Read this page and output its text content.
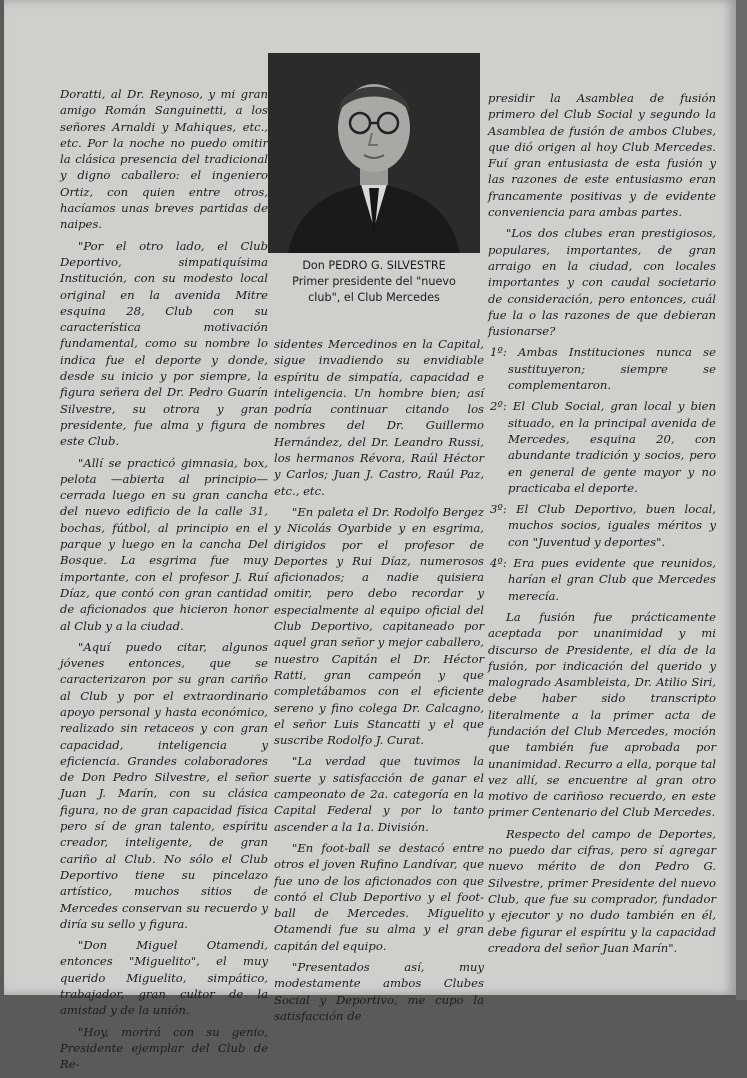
Doratti, al Dr. Reynoso, y mi gran amigo Román Sanguinetti, a los señores Arnaldi y Mahiques, etc., etc. Por la noche no puedo omitir la clásica presencia del tradicional y digno caballero: el ingeniero Ortiz, con quien entre otros, hacíamos unas breves partidas de naipes.

"Por el otro lado, el Club Deportivo, simpatiquísima Institución, con su modesto local original en la avenida Mitre esquina 28, Club con su característica motivación fundamental, como su nombre lo indica fue el deporte y donde, desde su inicio y por siempre, la figura señera del Dr. Pedro Guarín Silvestre, su otrora y gran presidente, fue alma y figura de este Club.

"Allí se practicó gimnasia, box, pelota —abierta al principio— cerrada luego en su gran cancha del nuevo edificio de la calle 31, bochas, fútbol, al principio en el parque y luego en la cancha Del Bosque. La esgrima fue muy importante, con el profesor J. Ruí Díaz, que contó con gran cantidad de aficionados que hicieron honor al Club y a la ciudad.

"Aquí puedo citar, algunos jóvenes entonces, que se caracterizaron por su gran cariño al Club y por el extraordinario apoyo personal y hasta económico, realizado sin retaceos y con gran capacidad, inteligencia y eficiencia. Grandes colaboradores de Don Pedro Silvestre, el señor Juan J. Marín, con su clásica figura, no de gran capacidad física pero sí de gran talento, espíritu creador, inteligente, de gran cariño al Club. No sólo el Club Deportivo tiene su pincelazo artístico, muchos sitios de Mercedes conservan su recuerdo y diría su sello y figura.

"Don Miguel Otamendi, entonces "Miguelito", el muy querido Miguelito, simpático, trabajador, gran cultor de la amistad y de la unión.

"Hoy, morirá con su genio, Presidente ejemplar del Club de Re-

Don PEDRO G. SILVESTRE
Primer presidente del "nuevo
club", el Club Mercedes

sidentes Mercedinos en la Capital, sigue invadiendo su envidiable espíritu de simpatía, capacidad e inteligencia. Un hombre bien; así podría continuar citando los nombres del Dr. Guillermo Hernández, del Dr. Leandro Russi, los hermanos Révora, Raúl Héctor y Carlos; Juan J. Castro, Raúl Paz, etc., etc.

"En paleta el Dr. Rodolfo Bergez y Nicolás Oyarbide y en esgrima, dirigidos por el profesor de Deportes y Rui Díaz, numerosos aficionados; a nadie quisiera omitir, pero debo recordar y especialmente al equipo oficial del Club Deportivo, capitaneado por aquel gran señor y mejor caballero, nuestro Capitán el Dr. Héctor Ratti, gran campeón y que completábamos con el eficiente sereno y fino colega Dr. Calcagno, el señor Luis Stancatti y el que suscribe Rodolfo J. Curat.

"La verdad que tuvimos la suerte y satisfacción de ganar el campeonato de 2a. categoría en la Capital Federal y por lo tanto ascender a la 1a. División.

"En foot-ball se destacó entre otros el joven Rufino Landívar, que fue uno de los aficionados con que contó el Club Deportivo y el foot-ball de Mercedes. Miguelito Otamendi fue su alma y el gran capitán del equipo.

"Presentados así, muy modestamente ambos Clubes Social y Deportivo, me cupo la satisfacción de

presidir la Asamblea de fusión primero del Club Social y segundo la Asamblea de fusión de ambos Clubes, que dió origen al hoy Club Mercedes. Fuí gran entusiasta de esta fusión y las razones de este entusiasmo eran francamente positivas y de evidente conveniencia para ambas partes.

"Los dos clubes eran prestigiosos, populares, importantes, de gran arraigo en la ciudad, con locales importantes y con caudal societario de consideración, pero entonces, cuál fue la o las razones de que debieran fusionarse?

1º: Ambas Instituciones nunca se sustituyeron; siempre se complementaron.

2º: El Club Social, gran local y bien situado, en la principal avenida de Mercedes, esquina 20, con abundante tradición y socios, pero en general de gente mayor y no practicaba el deporte.

3º: El Club Deportivo, buen local, muchos socios, iguales méritos y con "Juventud y deportes".

4º: Era pues evidente que reunidos, harían el gran Club que Mercedes merecía.

La fusión fue prácticamente aceptada por unanimidad y mi discurso de Presidente, el día de la fusión, por indicación del querido y malogrado Asambleista, Dr. Atilio Siri, debe haber sido transcripto literalmente a la primer acta de fundación del Club Mercedes, moción que también fue aprobada por unanimidad. Recurro a ella, porque tal vez allí, se encuentre al gran otro motivo de cariñoso recuerdo, en este primer Centenario del Club Mercedes.

Respecto del campo de Deportes, no puedo dar cifras, pero sí agregar nuevo mérito de don Pedro G. Silvestre, primer Presidente del nuevo Club, que fue su comprador, fundador y ejecutor y no dudo también en él, debe figurar el espíritu y la capacidad creadora del señor Juan Marín".
